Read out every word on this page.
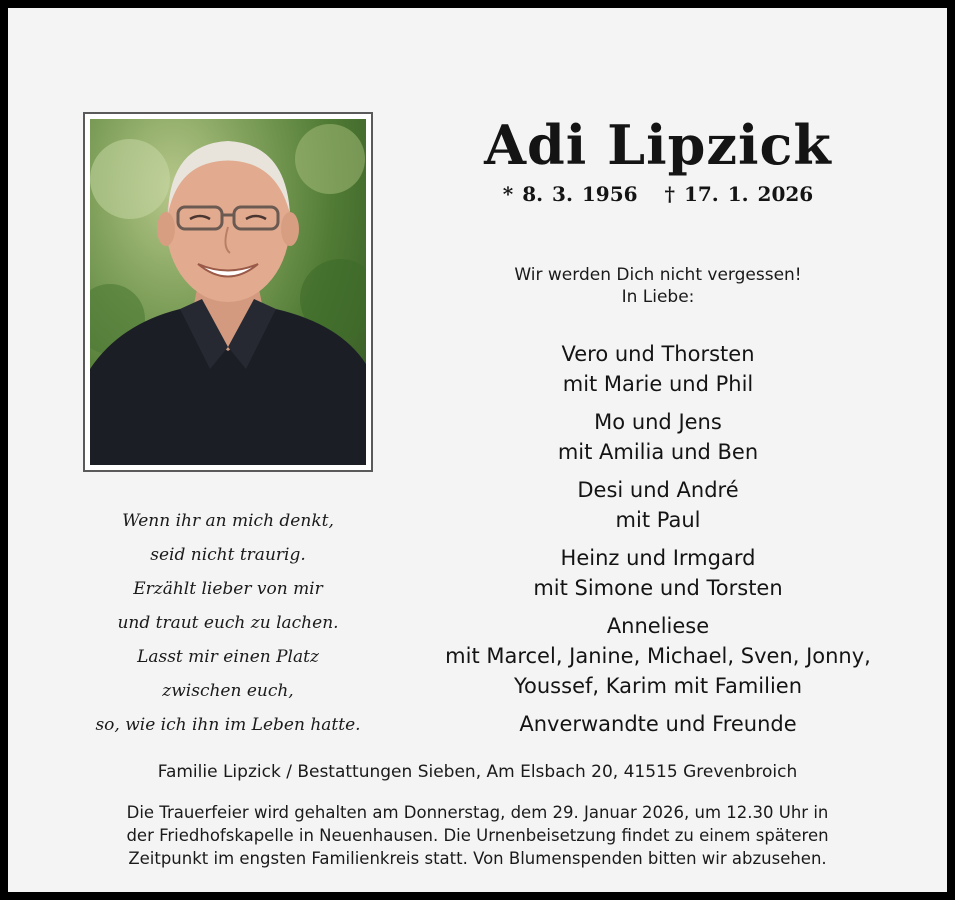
Adi Lipzick
* 8. 3. 1956 † 17. 1. 2026
Wir werden Dich nicht vergessen!
In Liebe:
Vero und Thorsten
mit Marie und Phil
Mo und Jens
mit Amilia und Ben
Desi und André
mit Paul
Heinz und Irmgard
mit Simone und Torsten
Anneliese
mit Marcel, Janine, Michael, Sven, Jonny,
Youssef, Karim mit Familien
Anverwandte und Freunde
Wenn ihr an mich denkt,
seid nicht traurig.
Erzählt lieber von mir
und traut euch zu lachen.
Lasst mir einen Platz
zwischen euch,
so, wie ich ihn im Leben hatte.
Familie Lipzick / Bestattungen Sieben, Am Elsbach 20, 41515 Grevenbroich
Die Trauerfeier wird gehalten am Donnerstag, dem 29. Januar 2026, um 12.30 Uhr in
der Friedhofskapelle in Neuenhausen. Die Urnenbeisetzung findet zu einem späteren
Zeitpunkt im engsten Familienkreis statt. Von Blumenspenden bitten wir abzusehen.
